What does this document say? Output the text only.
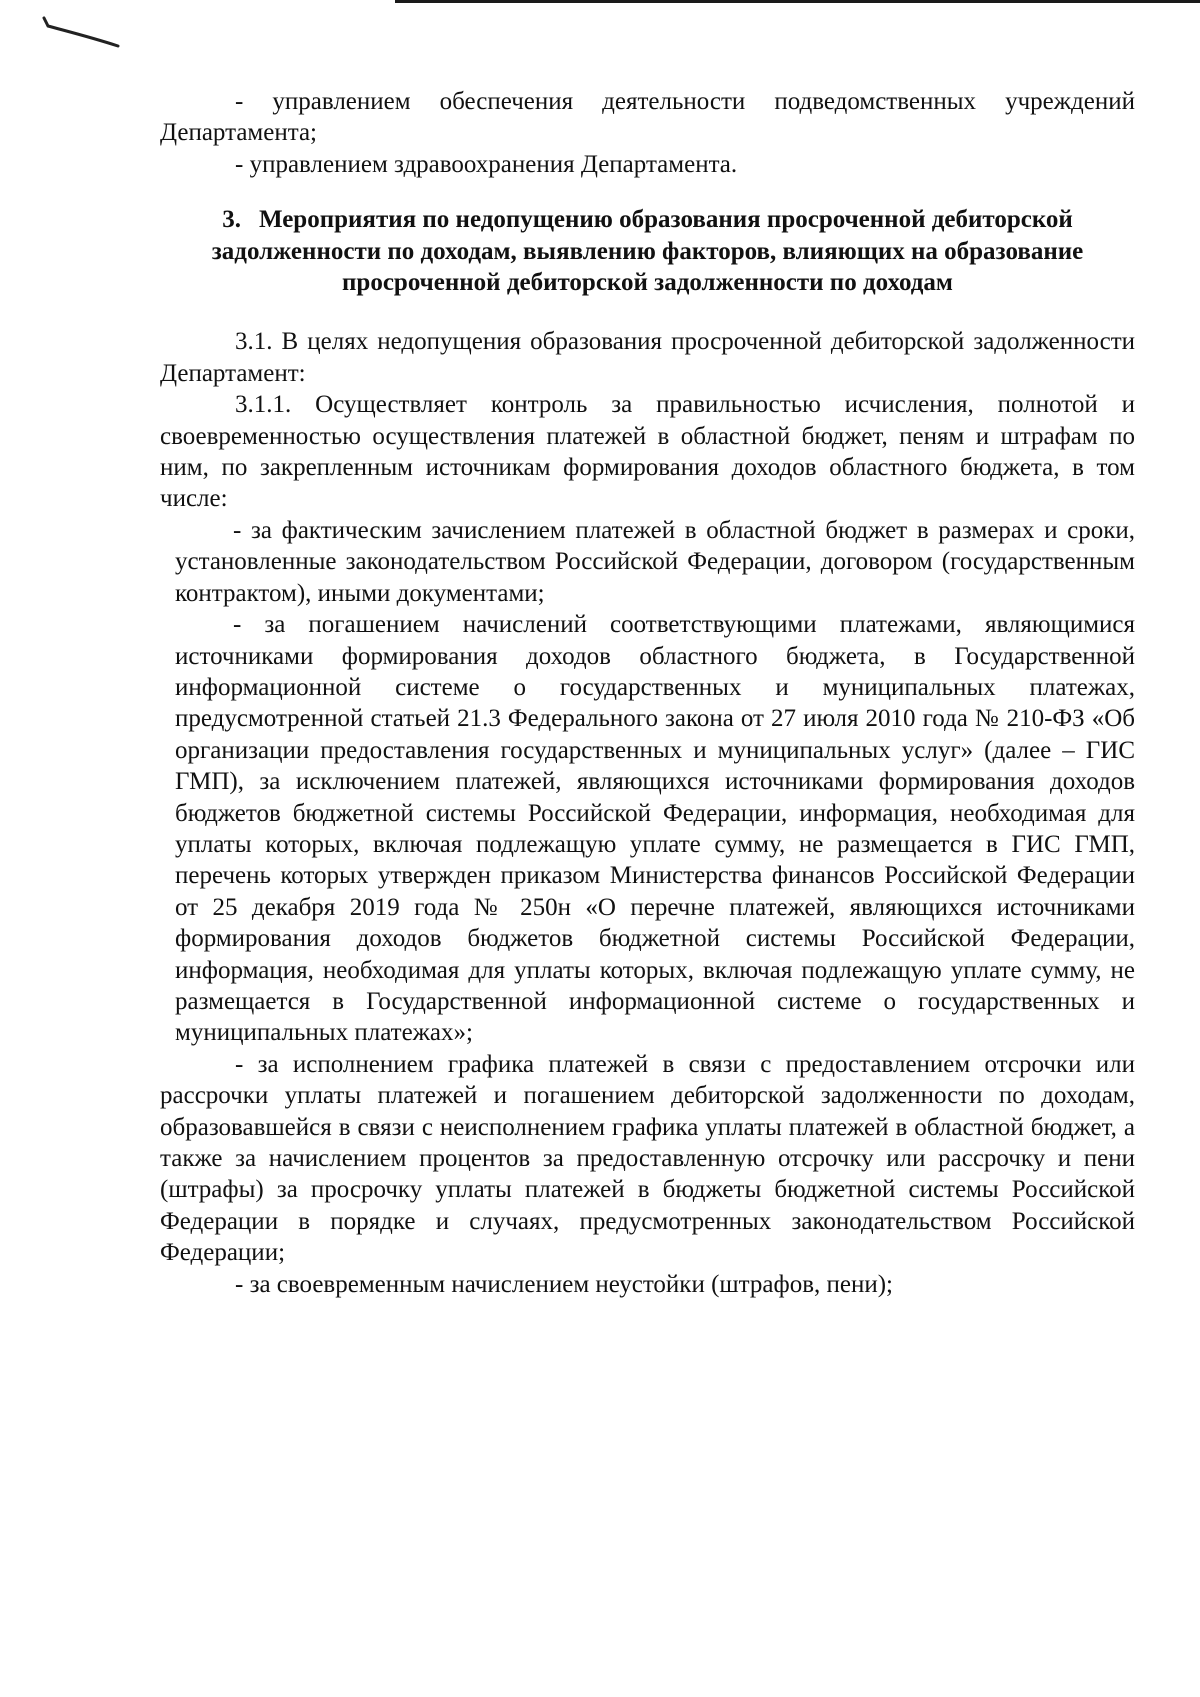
- управлением обеспечения деятельности подведомственных учреждений Департамента;

- управлением здравоохранения Департамента.

3. Мероприятия по недопущению образования просроченной дебиторской задолженности по доходам, выявлению факторов, влияющих на образование просроченной дебиторской задолженности по доходам

3.1. В целях недопущения образования просроченной дебиторской задолженности Департамент:

3.1.1. Осуществляет контроль за правильностью исчисления, полнотой и своевременностью осуществления платежей в областной бюджет, пеням и штрафам по ним, по закрепленным источникам формирования доходов областного бюджета, в том числе:

- за фактическим зачислением платежей в областной бюджет в размерах и сроки, установленные законодательством Российской Федерации, договором (государственным контрактом), иными документами;

- за погашением начислений соответствующими платежами, являющимися источниками формирования доходов областного бюджета, в Государственной информационной системе о государственных и муниципальных платежах, предусмотренной статьей 21.3 Федерального закона от 27 июля 2010 года № 210-ФЗ «Об организации предоставления государственных и муниципальных услуг» (далее – ГИС ГМП), за исключением платежей, являющихся источниками формирования доходов бюджетов бюджетной системы Российской Федерации, информация, необходимая для уплаты которых, включая подлежащую уплате сумму, не размещается в ГИС ГМП, перечень которых утвержден приказом Министерства финансов Российской Федерации от 25 декабря 2019 года № 250н «О перечне платежей, являющихся источниками формирования доходов бюджетов бюджетной системы Российской Федерации, информация, необходимая для уплаты которых, включая подлежащую уплате сумму, не размещается в Государственной информационной системе о государственных и муниципальных платежах»;

- за исполнением графика платежей в связи с предоставлением отсрочки или рассрочки уплаты платежей и погашением дебиторской задолженности по доходам, образовавшейся в связи с неисполнением графика уплаты платежей в областной бюджет, а также за начислением процентов за предоставленную отсрочку или рассрочку и пени (штрафы) за просрочку уплаты платежей в бюджеты бюджетной системы Российской Федерации в порядке и случаях, предусмотренных законодательством Российской Федерации;

- за своевременным начислением неустойки (штрафов, пени);
